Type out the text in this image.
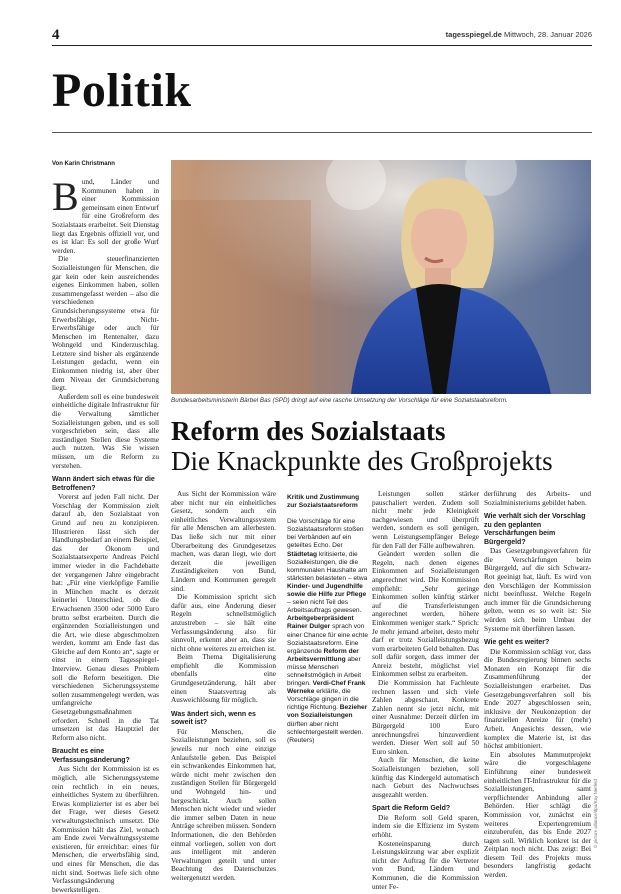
4	tagesspiegel.de Mittwoch, 28. Januar 2026
Politik
Von Karin Christmann

Bund, Länder und Kommunen haben in einer Kommission gemeinsam einen Entwurf für eine Großreform des Sozialstaats erarbeitet. Seit Dienstag liegt das Ergebnis offiziell vor, und es ist klar: Es soll der große Wurf werden.

Die steuerfinanzierten Sozialleistungen für Menschen, die gar kein oder kein ausreichendes eigenes Einkommen haben, sollen zusammengefasst werden – also die verschiedenen Grundsicherungssysteme etwa für Erwerbsfähige, Nicht-Erwerbsfähige oder auch für Menschen im Rentenalter, dazu Wohngeld und Kinderzuschlag. Letztere sind bisher als ergänzende Leistungen gedacht, wenn ein Einkommen niedrig ist, aber über dem Niveau der Grundsicherung liegt.

Außerdem soll es eine bundesweit einheitliche digitale Infrastruktur für die Verwaltung sämtlicher Sozialleistungen geben, und es soll vorgeschrieben sein, dass alle zuständigen Stellen diese Systeme auch nutzen. Was Sie wissen müssen, um die Reform zu verstehen.

Wann ändert sich etwas für die Betroffenen?

Vorerst auf jeden Fall nicht. Der Vorschlag der Kommission zielt darauf ab, den Sozialstaat von Grund auf neu zu konzipieren. Illustrieren lässt sich der Handlungsbedarf an einem Beispiel, das der Ökonom und Sozialstaatsexperte Andreas Peichl immer wieder in die Fachdebatte der vergangenen Jahre eingebracht hat: „Für eine vierköpfige Familie in München macht es derzeit keinerlei Unterschied, ob die Erwachsenen 3500 oder 5000 Euro brutto selbst erarbeiten. Durch die ergänzenden Sozialleistungen und die Art, wie diese abgeschmolzen werden, kommt am Ende fast das Gleiche auf dem Konto an“, sagte er einst in einem Tagesspiegel-Interview. Genau dieses Problem soll die Reform beseitigen. Die verschiedenen Sicherungssysteme sollen zusammengelegt werden, was umfangreiche Gesetzgebungsmaßnahmen erfordert. Schnell in die Tat umsetzen ist das Hauptziel der Reform also nicht.

Braucht es eine Verfassungsänderung?

Aus Sicht der Kommission ist es möglich, alle Sicherungssysteme rein rechtlich in ein neues, einheitliches System zu überführen. Etwas komplizierter ist es aber bei der Frage, wer dieses Gesetz verwaltungstechnisch umsetzt. Die Kommission hält das Ziel, wonach am Ende zwei Verwaltungssysteme existieren, für erreichbar: eines für Menschen, die erwerbsfähig sind, und eines für Menschen, die das nicht sind. Soetwas liefe sich ohne Verfassungsänderung bewerkstelligen.

Bundesarbeitsministerin Bärbel Bas (SPD) dringt auf eine rasche Umsetzung der Vorschläge für eine Sozialstaatsreform.
Reform des Sozialstaats
Die Knackpunkte des Großprojekts

Aus Sicht der Kommission wäre aber nicht nur ein einheitliches Gesetz, sondern auch ein einheitliches Verwaltungssystem für alle Menschen am allerbesten. Das ließe sich nur mit einer Überarbeitung des Grundgesetzes machen, was daran liegt, wie dort derzeit die jeweiligen Zuständigkeiten von Bund, Ländern und Kommunen geregelt sind.

Die Kommission spricht sich dafür aus, eine Änderung dieser Regeln schnellstmöglich anzustreben – sie hält eine Verfassungsänderung also für sinnvoll, erkennt aber an, dass sie nicht ohne weiteres zu erreichen ist.

Beim Thema Digitalisierung empfiehlt die Kommission ebenfalls eine Grundgesetzänderung, hält aber einen Staatsvertrag als Ausweichlösung für möglich.

Was ändert sich, wenn es soweit ist?

Für Menschen, die Sozialleistungen beziehen, soll es jeweils nur noch eine einzige Anlaufstelle geben. Das Beispiel ein schwankendes Einkommen hat, würde nicht mehr zwischen den zuständigen Stellen für Bürgergeld und Wohngeld hin- und hergeschickt. Auch sollen Menschen nicht wieder und wieder die immer selben Daten in neue Anträge schreiben müssen. Sondern Informationen, die den Behörden einmal vorliegen, sollen von dort aus intelligent mit anderen Verwaltungen geteilt und unter Beachtung des Datenschutzes weitergenutzt werden.

Kritik und Zustimmung zur Sozialstaatsreform

Die Vorschläge für eine Sozialstaatsreform stoßen bei Verbänden auf ein geteiltes Echo. Der Städtetag kritisierte, die Sozialleistungen, die die kommunalen Haushalte am stärksten belasteten – etwa Kinder- und Jugendhilfe sowie die Hilfe zur Pflege – seien nicht Teil des Arbeitsauftrags gewesen. Arbeitgeberpräsident Rainer Dulger sprach von einer Chance für eine echte Sozialstaatsreform. Eine ergänzende Reform der Arbeitsvermittlung aber müsse Menschen schnellstmöglich in Arbeit bringen. Verdi-Chef Frank Werneke erklärte, die Vorschläge gingen in die richtige Richtung. Bezieher von Sozialleistungen dürften aber nicht schlechtergestellt werden. (Reuters)

Leistungen sollen stärker pauschaliert werden. Zudem soll nicht mehr jede Kleinigkeit nachgewiesen und überprüft werden, sondern es soll genügen, wenn Leistungsempfänger Belege für den Fall der Fälle aufbewahren.

Geändert werden sollen die Regeln, nach denen eigenes Einkommen auf Sozialleistungen angerechnet wird. Die Kommission empfiehlt: „Sehr geringe Einkommen sollen künftig stärker auf die Transferleistungen angerechnet werden, höhere Einkommen weniger stark.“ Sprich: Je mehr jemand arbeitet, desto mehr darf er trotz Sozialleistungsbezug vom erarbeiteten Geld behalten. Das soll dafür sorgen, dass immer der Anreiz besteht, möglichst viel Einkommen selbst zu erarbeiten.

Die Kommission hat Fachleute rechnen lassen und sich viele Zahlen abgeschaut. Konkrete Zahlen nennt sie jetzt nicht, mit einer Ausnahme: Derzeit dürfen im Bürgergeld 100 Euro anrechnungsfrei hinzuverdient werden. Dieser Wert soll auf 50 Euro sinken.

Auch für Menschen, die keine Sozialleistungen beziehen, soll künftig das Kindergeld automatisch nach Geburt des Nachwuchses ausgezahlt werden.

Spart die Reform Geld?

Die Reform soll Geld sparen, indem sie die Effizienz im System erhöht.

Kosteneinsparung durch Leistungskürzung war aber explizit nicht der Auftrag für die Vertreter von Bund, Ländern und Kommunen, die die Kommission unter Fe-

derführung des Arbeits- und Sozialministeriums gebildet haben.

Wie verhält sich der Vorschlag zu den geplanten Verschärfungen beim Bürgergeld?

Das Gesetzgebungsverfahren für die Verschärfungen beim Bürgergeld, auf die sich Schwarz-Rot geeinigt hat, läuft. Es wird von den Vorschlägen der Kommission nicht beeinflusst. Welche Regeln auch immer für die Grundsicherung gelten, wenn es so weit ist: Sie würden sich beim Umbau der Systeme mit überführen lassen.

Wie geht es weiter?

Die Kommission schlägt vor, dass die Bundesregierung binnen sechs Monaten ein Konzept für die Zusammenführung der Sozialleistungen erarbeitet. Das Gesetzgebungsverfahren soll bis Ende 2027 abgeschlossen sein, inklusive der Neukonzeption der finanziellen Anreize für (mehr) Arbeit. Angesichts dessen, wie komplex die Materie ist, ist das höchst ambitioniert.

Ein absolutes Mammutprojekt wäre die vorgeschlagene Einführung einer bundesweit einheitlichen IT-Infrastruktur für die Sozialleistungen, samt verpflichtender Anbindung aller Behörden. Hier schlägt die Kommission vor, zunächst ein weiteres Expertengremium einzuberufen, das bis Ende 2027 tagen soll. Wirklich konkret ist der Zeitplan noch nicht. Das zeigt: Bei diesem Teil des Projekts muss besonders langfristig gedacht werden.

© picture alliance/dpa/Kay Nietfeld
